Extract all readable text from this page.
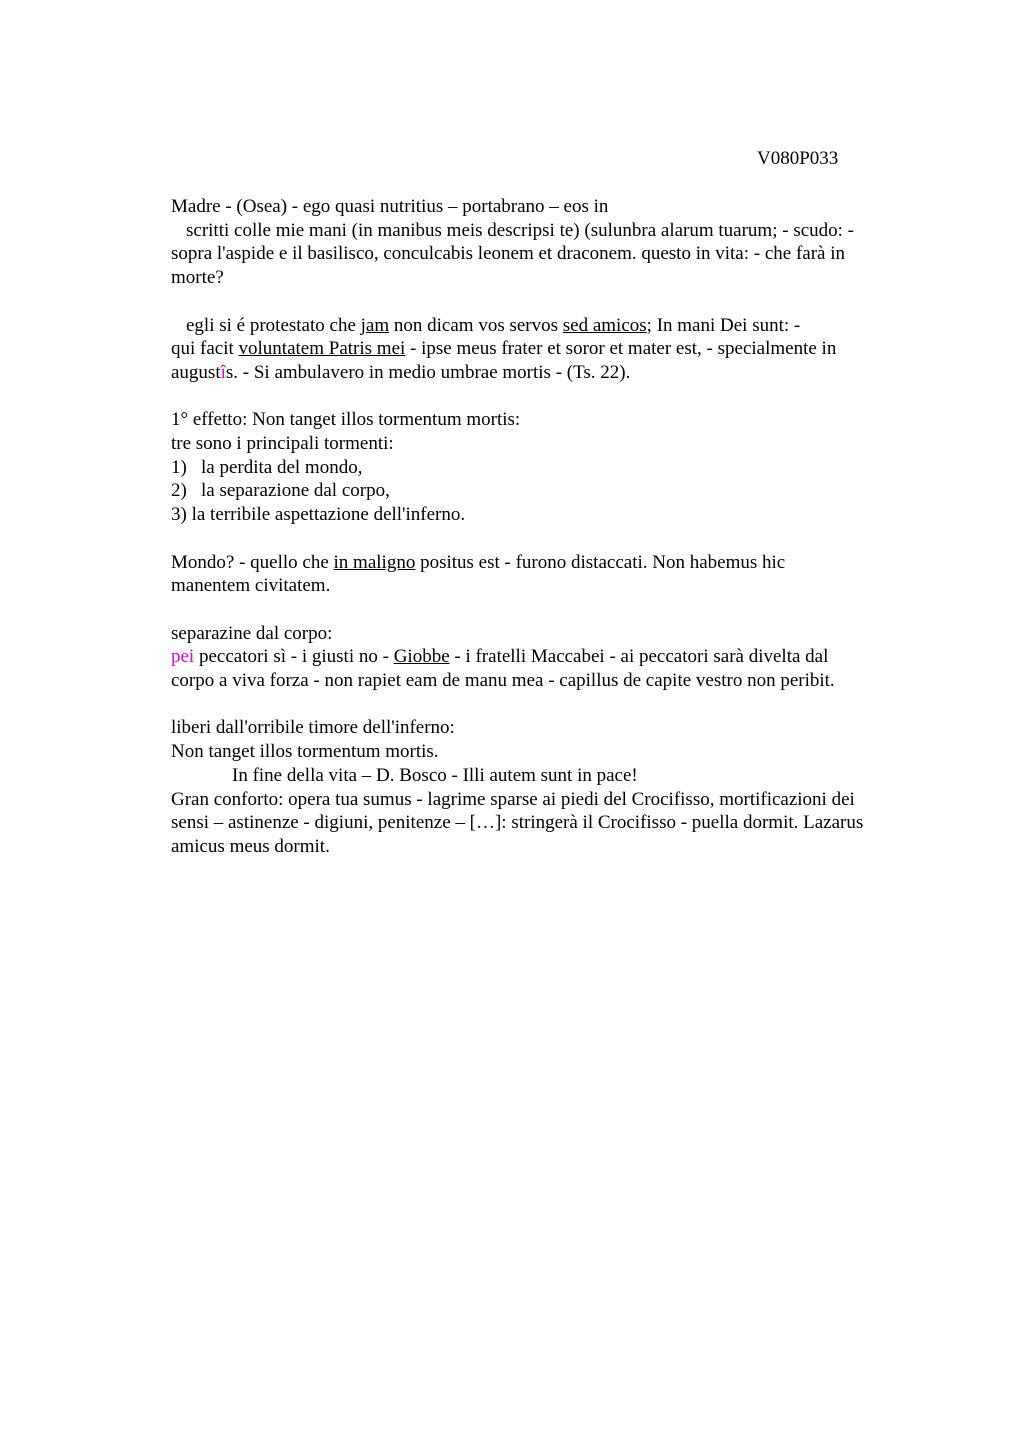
V080P033
Madre - (Osea) - ego quasi nutritius – portabrano – eos in
scritti colle mie mani (in manibus meis descripsi te) (sulunbra alarum tuarum; - scudo: -
sopra l'aspide e il basilisco, conculcabis leonem et draconem. questo in vita: - che farà in
morte?
egli si é protestato che jam non dicam vos servos sed amicos; In mani Dei sunt: -
qui facit voluntatem Patris mei - ipse meus frater et soror et mater est, - specialmente in
augustîs. - Si ambulavero in medio umbrae mortis - (Ts. 22).
1° effetto: Non tanget illos tormentum mortis:
tre sono i principali tormenti:
1) la perdita del mondo,
2) la separazione dal corpo,
3) la terribile aspettazione dell'inferno.
Mondo? - quello che in maligno positus est - furono distaccati. Non habemus hic
manentem civitatem.
separazine dal corpo:
pei peccatori sì - i giusti no - Giobbe - i fratelli Maccabei - ai peccatori sarà divelta dal
corpo a viva forza - non rapiet eam de manu mea - capillus de capite vestro non peribit.
liberi dall'orribile timore dell'inferno:
Non tanget illos tormentum mortis.
In fine della vita – D. Bosco - Illi autem sunt in pace!
Gran conforto: opera tua sumus - lagrime sparse ai piedi del Crocifisso, mortificazioni dei
sensi – astinenze - digiuni, penitenze – […]: stringerà il Crocifisso - puella dormit. Lazarus
amicus meus dormit.
